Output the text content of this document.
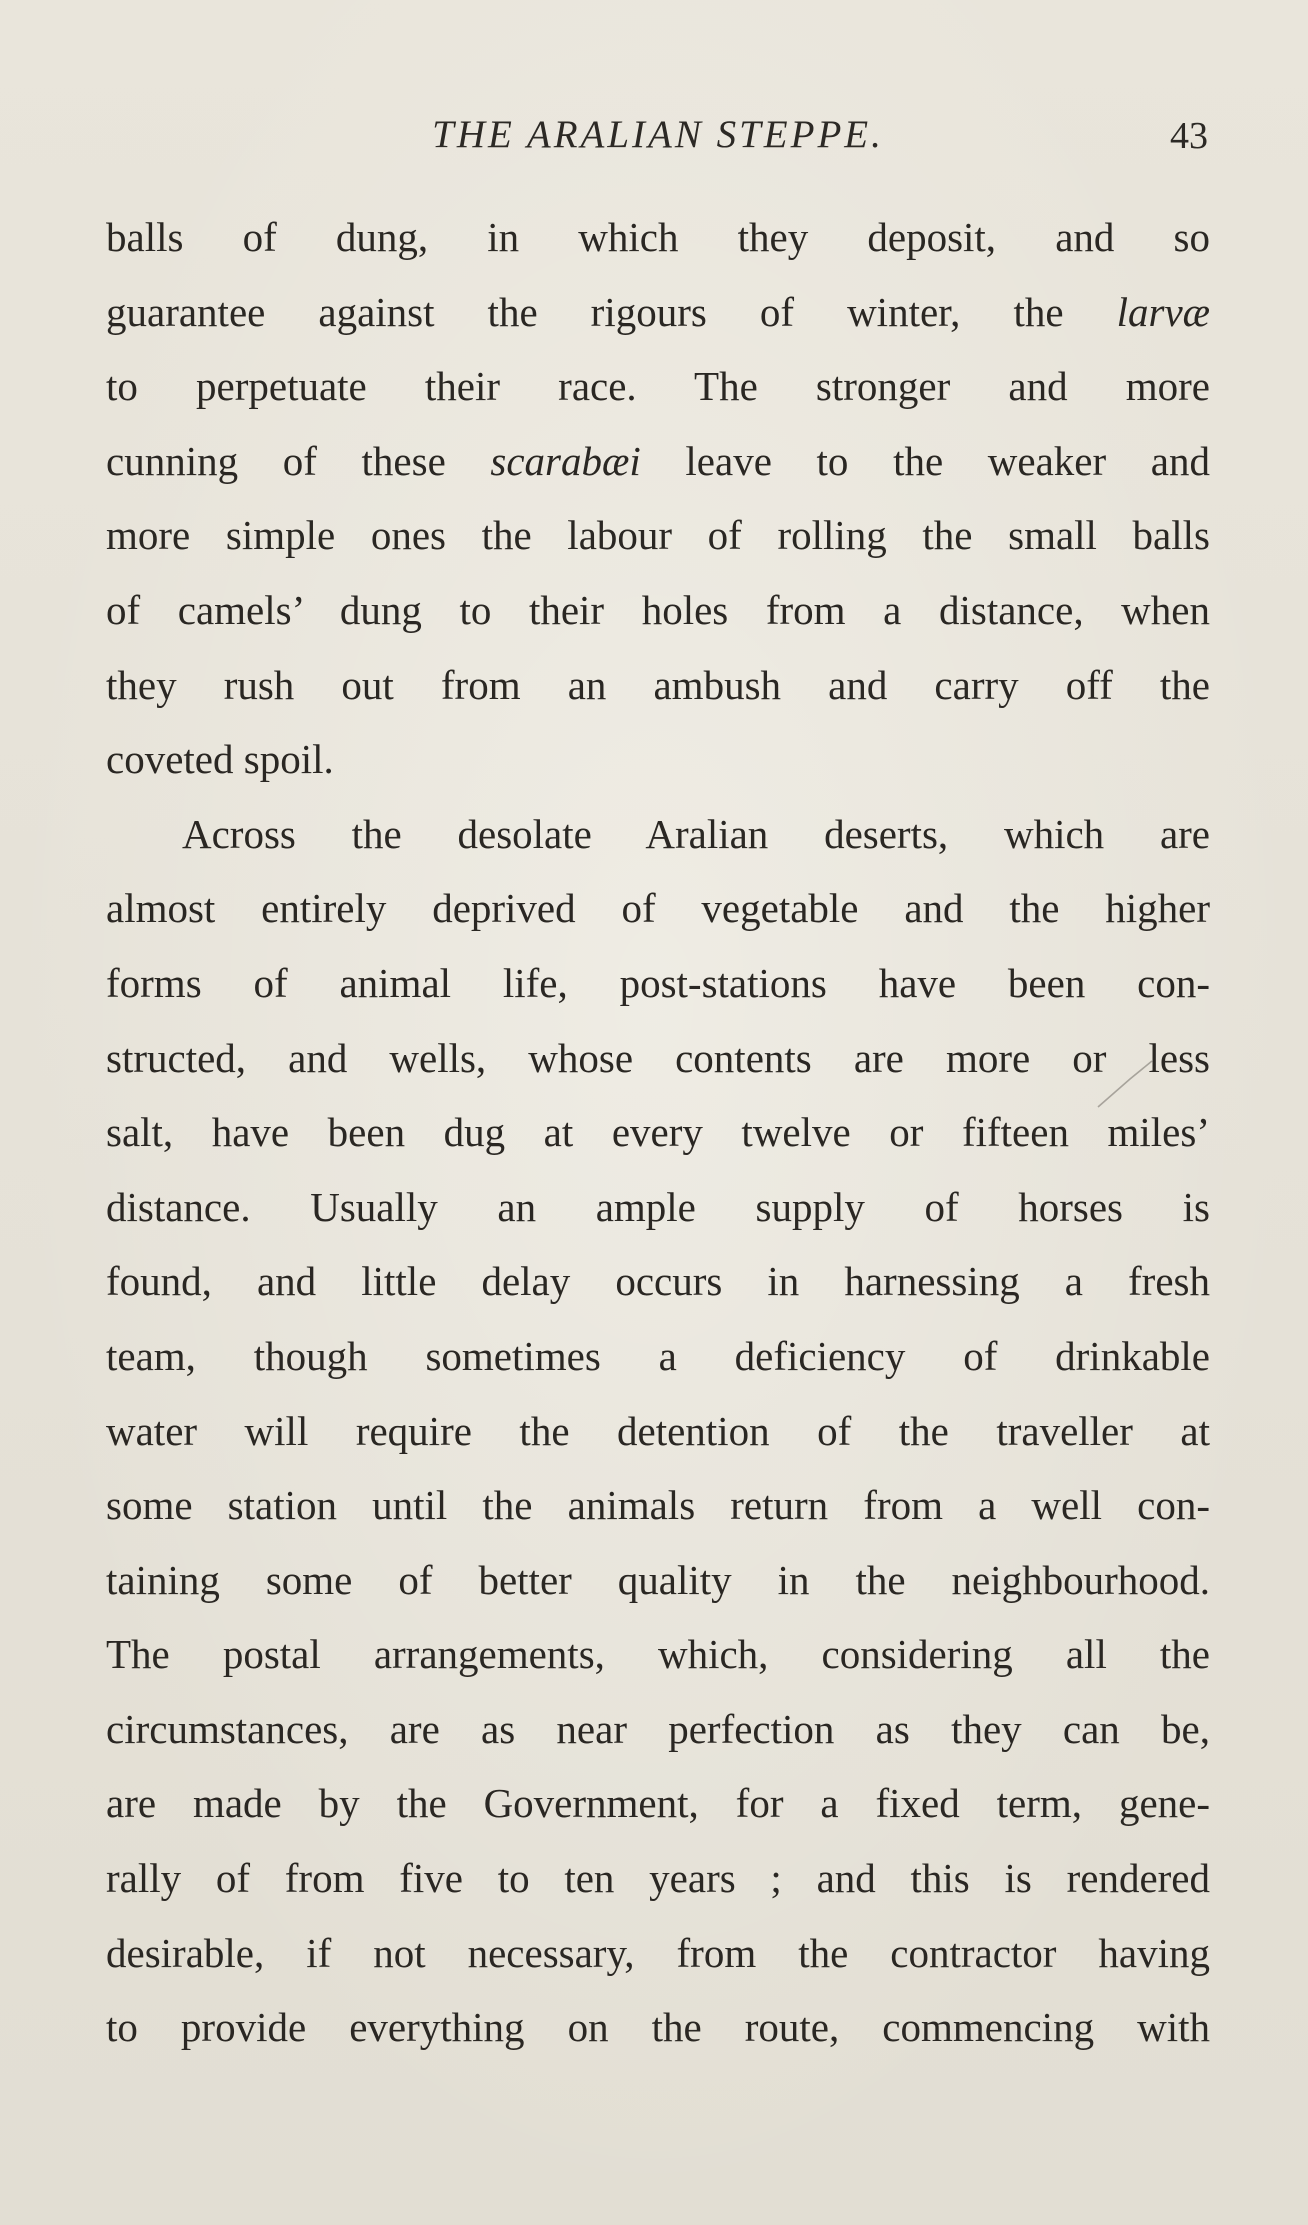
THE ARALIAN STEPPE.	43
balls of dung, in which they deposit, and so
guarantee against the rigours of winter, the larvæ
to perpetuate their race. The stronger and more
cunning of these scarabæi leave to the weaker and
more simple ones the labour of rolling the small balls
of camels’ dung to their holes from a distance, when
they rush out from an ambush and carry off the
coveted spoil.
Across the desolate Aralian deserts, which are
almost entirely deprived of vegetable and the higher
forms of animal life, post-stations have been con-
structed, and wells, whose contents are more or less
salt, have been dug at every twelve or fifteen miles’
distance. Usually an ample supply of horses is
found, and little delay occurs in harnessing a fresh
team, though sometimes a deficiency of drinkable
water will require the detention of the traveller at
some station until the animals return from a well con-
taining some of better quality in the neighbourhood.
The postal arrangements, which, considering all the
circumstances, are as near perfection as they can be,
are made by the Government, for a fixed term, gene-
rally of from five to ten years ; and this is rendered
desirable, if not necessary, from the contractor having
to provide everything on the route, commencing with
